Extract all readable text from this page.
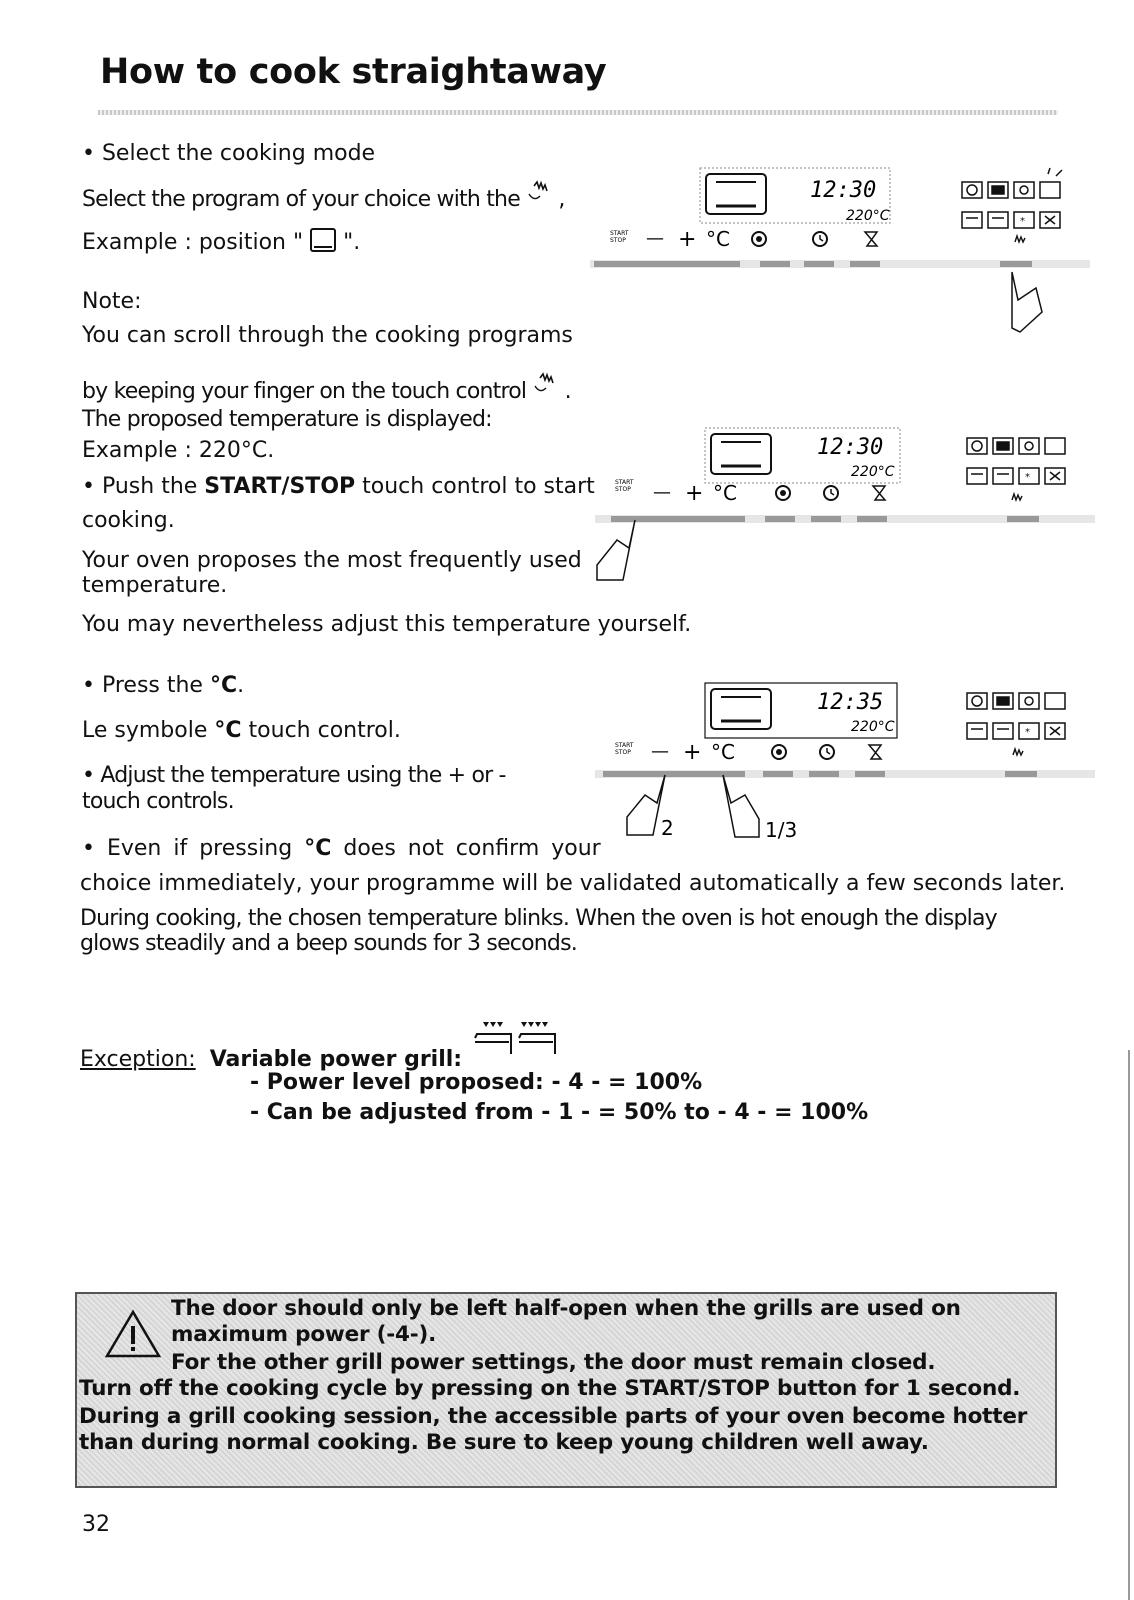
How to cook straightaway
• Select the cooking mode
Select the program of your choice with the ,
Example : position " ".
Note:
You can scroll through the cooking programs
by keeping your finger on the touch control .
The proposed temperature is displayed:
Example : 220°C.
• Push the START/STOP touch control to start
cooking.
Your oven proposes the most frequently used
temperature.
You may nevertheless adjust this temperature yourself.
• Press the °C.
Le symbole °C touch control.
• Adjust the temperature using the + or -
touch controls.
• Even if pressing °C does not confirm your
choice immediately, your programme will be validated automatically a few seconds later.
During cooking, the chosen temperature blinks. When the oven is hot enough the display
glows steadily and a beep sounds for 3 seconds.
Exception: Variable power grill:
- Power level proposed: - 4 - = 100%
- Can be adjusted from - 1 - = 50% to - 4 - = 100%
The door should only be left half-open when the grills are used on
maximum power (-4-).
For the other grill power settings, the door must remain closed.
Turn off the cooking cycle by pressing on the START/STOP button for 1 second.
During a grill cooking session, the accessible parts of your oven become hotter
than during normal cooking. Be sure to keep young children well away.
32
12:30
220°C
START
STOP — + °C
*
12:30
220°C
START
STOP — + °C
*
12:35
220°C
START
STOP — + °C
*
2	1/3
